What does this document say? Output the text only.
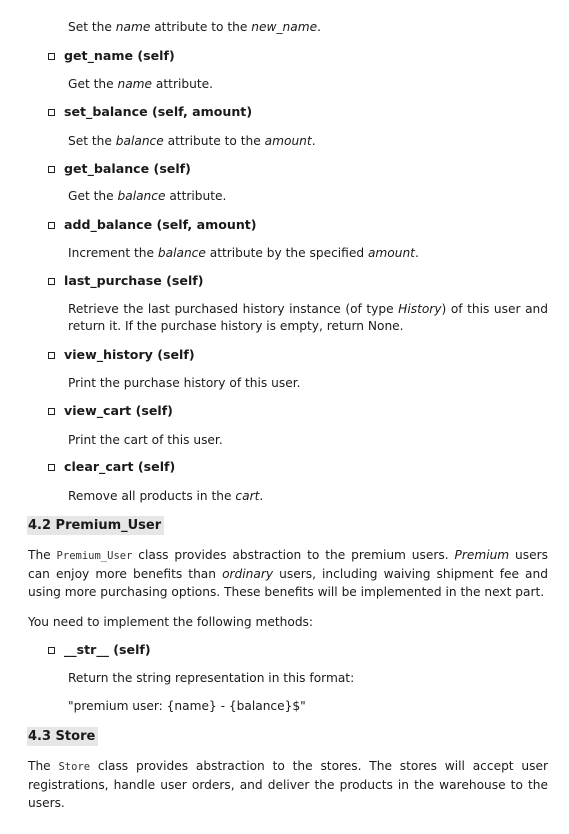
Set the name attribute to the new_name.
get_name (self)
Get the name attribute.
set_balance (self, amount)
Set the balance attribute to the amount.
get_balance (self)
Get the balance attribute.
add_balance (self, amount)
Increment the balance attribute by the specified amount.
last_purchase (self)
Retrieve the last purchased history instance (of type History) of this user and return it. If the purchase history is empty, return None.
view_history (self)
Print the purchase history of this user.
view_cart (self)
Print the cart of this user.
clear_cart (self)
Remove all products in the cart.
4.2 Premium_User
The Premium_User class provides abstraction to the premium users. Premium users can enjoy more benefits than ordinary users, including waiving shipment fee and using more purchasing options. These benefits will be implemented in the next part.
You need to implement the following methods:
__str__ (self)
Return the string representation in this format:
"premium user: {name} - {balance}$"
4.3 Store
The Store class provides abstraction to the stores. The stores will accept user registrations, handle user orders, and deliver the products in the warehouse to the users.
